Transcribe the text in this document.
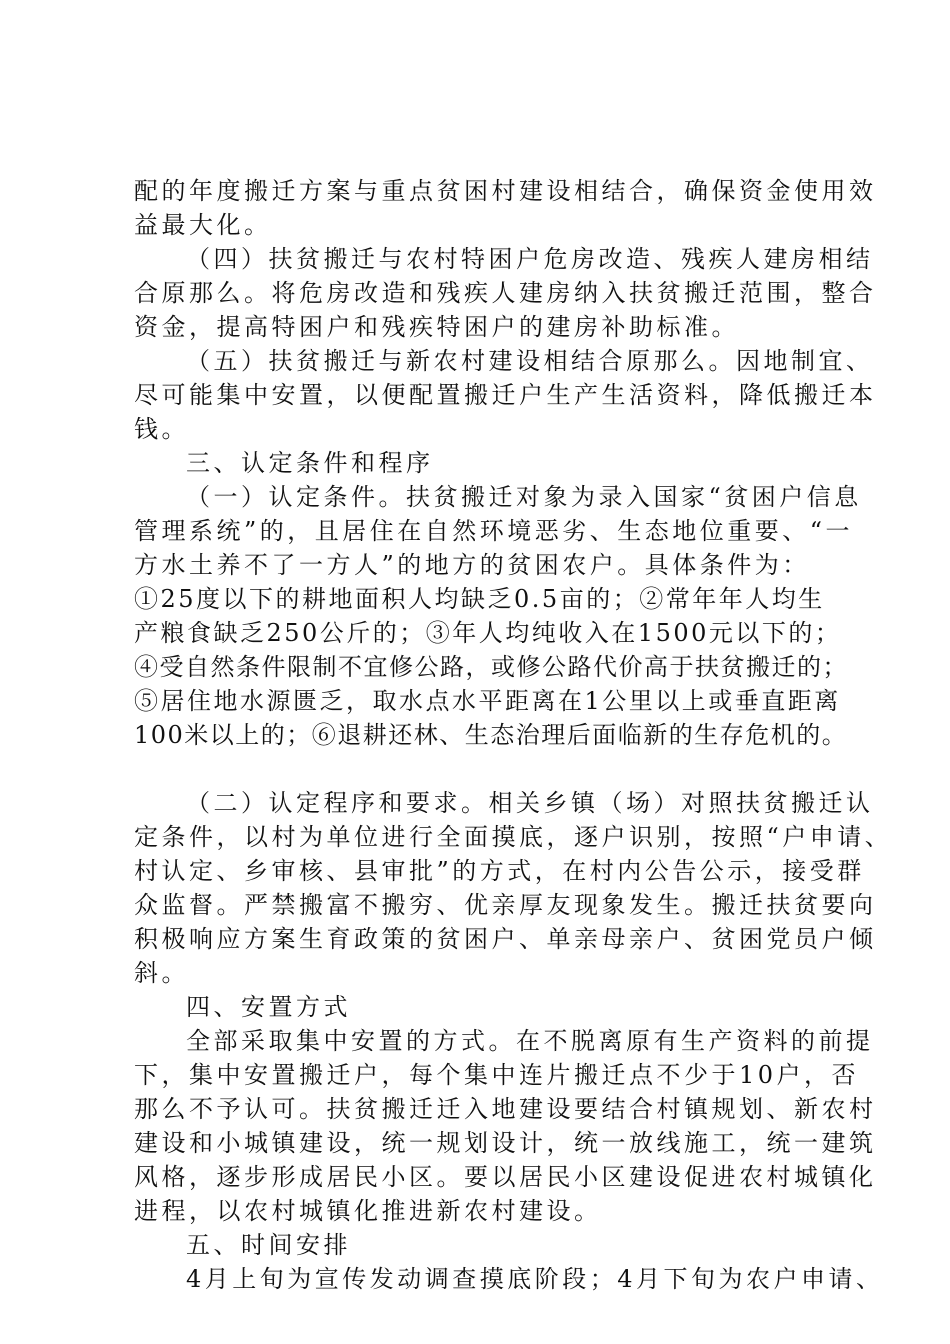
配的年度搬迁方案与重点贫困村建设相结合，确保资金使用效

益最大化。

（四）扶贫搬迁与农村特困户危房改造、残疾人建房相结

合原那么。将危房改造和残疾人建房纳入扶贫搬迁范围，整合

资金，提高特困户和残疾特困户的建房补助标准。

（五）扶贫搬迁与新农村建设相结合原那么。因地制宜、

尽可能集中安置，以便配置搬迁户生产生活资料，降低搬迁本

钱。

三、认定条件和程序

（一）认定条件。扶贫搬迁对象为录入国家“贫困户信息

管理系统”的，且居住在自然环境恶劣、生态地位重要、“一

方水土养不了一方人”的地方的贫困农户。具体条件为：

①25度以下的耕地面积人均缺乏0.5亩的；②常年年人均生

产粮食缺乏250公斤的；③年人均纯收入在1500元以下的；

④受自然条件限制不宜修公路，或修公路代价高于扶贫搬迁的；

⑤居住地水源匮乏，取水点水平距离在1公里以上或垂直距离

100米以上的；⑥退耕还林、生态治理后面临新的生存危机的。

（二）认定程序和要求。相关乡镇（场）对照扶贫搬迁认

定条件，以村为单位进行全面摸底，逐户识别，按照“户申请、

村认定、乡审核、县审批”的方式，在村内公告公示，接受群

众监督。严禁搬富不搬穷、优亲厚友现象发生。搬迁扶贫要向

积极响应方案生育政策的贫困户、单亲母亲户、贫困党员户倾

斜。

四、安置方式

全部采取集中安置的方式。在不脱离原有生产资料的前提

下，集中安置搬迁户，每个集中连片搬迁点不少于10户，否

那么不予认可。扶贫搬迁迁入地建设要结合村镇规划、新农村

建设和小城镇建设，统一规划设计，统一放线施工，统一建筑

风格，逐步形成居民小区。要以居民小区建设促进农村城镇化

进程，以农村城镇化推进新农村建设。

五、时间安排

4月上旬为宣传发动调查摸底阶段；4月下旬为农户申请、
